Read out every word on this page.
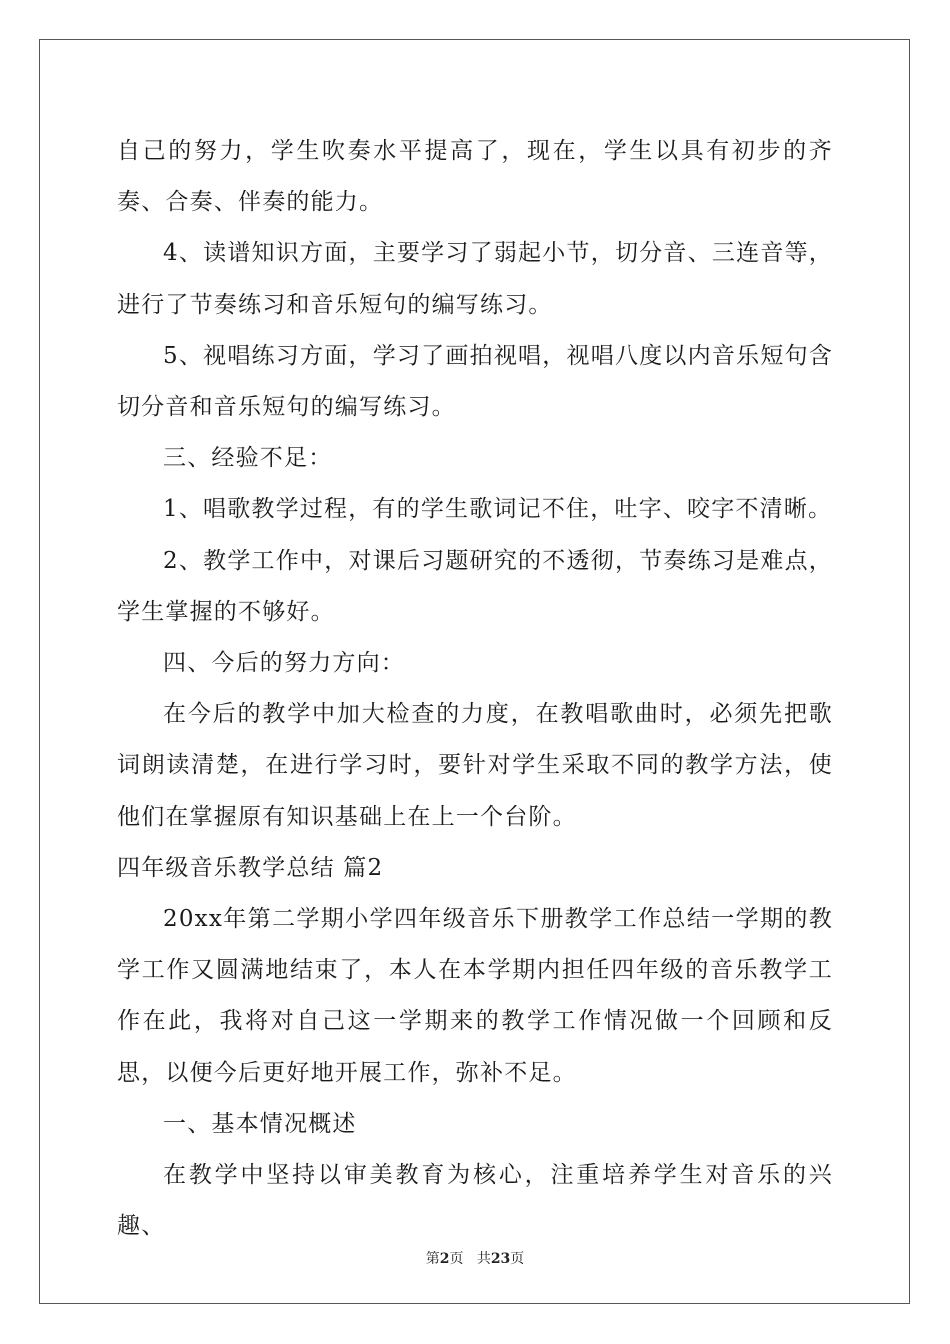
自己的努力，学生吹奏水平提高了，现在，学生以具有初步的齐奏、合奏、伴奏的能力。

4、读谱知识方面，主要学习了弱起小节，切分音、三连音等，进行了节奏练习和音乐短句的编写练习。

5、视唱练习方面，学习了画拍视唱，视唱八度以内音乐短句含切分音和音乐短句的编写练习。

三、经验不足：

1、唱歌教学过程，有的学生歌词记不住，吐字、咬字不清晰。

2、教学工作中，对课后习题研究的不透彻，节奏练习是难点，学生掌握的不够好。

四、今后的努力方向：

在今后的教学中加大检查的力度，在教唱歌曲时，必须先把歌词朗读清楚，在进行学习时，要针对学生采取不同的教学方法，使他们在掌握原有知识基础上在上一个台阶。

四年级音乐教学总结 篇2

20xx年第二学期小学四年级音乐下册教学工作总结一学期的教学工作又圆满地结束了，本人在本学期内担任四年级的音乐教学工作在此，我将对自己这一学期来的教学工作情况做一个回顾和反思，以便今后更好地开展工作，弥补不足。

一、基本情况概述

在教学中坚持以审美教育为核心，注重培养学生对音乐的兴趣、

第2页 共23页
